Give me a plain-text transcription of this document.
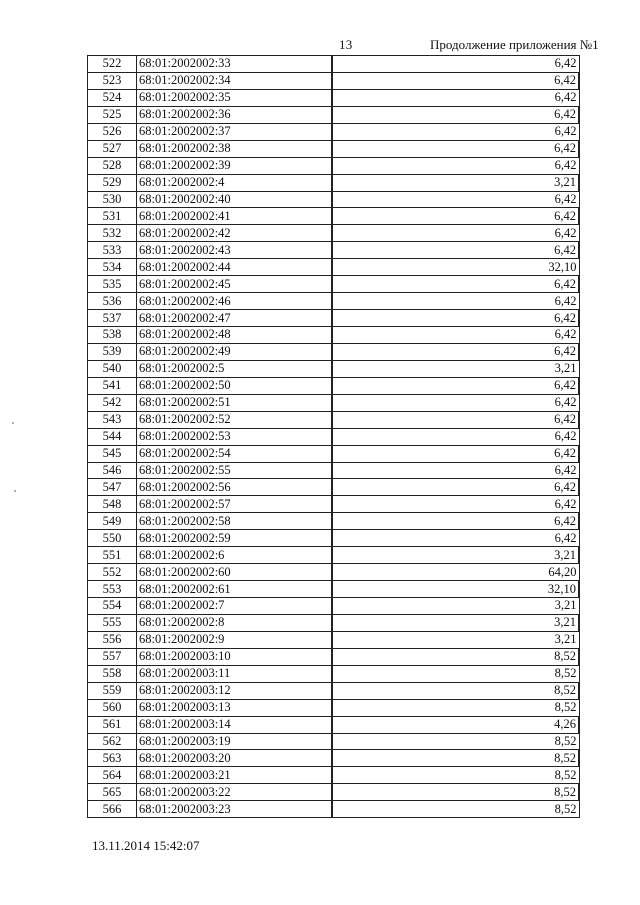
13	Продолжение приложения №1
522	68:01:2002002:33	6,42
523	68:01:2002002:34	6,42
524	68:01:2002002:35	6,42
525	68:01:2002002:36	6,42
526	68:01:2002002:37	6,42
527	68:01:2002002:38	6,42
528	68:01:2002002:39	6,42
529	68:01:2002002:4	3,21
530	68:01:2002002:40	6,42
531	68:01:2002002:41	6,42
532	68:01:2002002:42	6,42
533	68:01:2002002:43	6,42
534	68:01:2002002:44	32,10
535	68:01:2002002:45	6,42
536	68:01:2002002:46	6,42
537	68:01:2002002:47	6,42
538	68:01:2002002:48	6,42
539	68:01:2002002:49	6,42
540	68:01:2002002:5	3,21
541	68:01:2002002:50	6,42
542	68:01:2002002:51	6,42
543	68:01:2002002:52	6,42
544	68:01:2002002:53	6,42
545	68:01:2002002:54	6,42
546	68:01:2002002:55	6,42
547	68:01:2002002:56	6,42
548	68:01:2002002:57	6,42
549	68:01:2002002:58	6,42
550	68:01:2002002:59	6,42
551	68:01:2002002:6	3,21
552	68:01:2002002:60	64,20
553	68:01:2002002:61	32,10
554	68:01:2002002:7	3,21
555	68:01:2002002:8	3,21
556	68:01:2002002:9	3,21
557	68:01:2002003:10	8,52
558	68:01:2002003:11	8,52
559	68:01:2002003:12	8,52
560	68:01:2002003:13	8,52
561	68:01:2002003:14	4,26
562	68:01:2002003:19	8,52
563	68:01:2002003:20	8,52
564	68:01:2002003:21	8,52
565	68:01:2002003:22	8,52
566	68:01:2002003:23	8,52
13.11.2014 15:42:07
